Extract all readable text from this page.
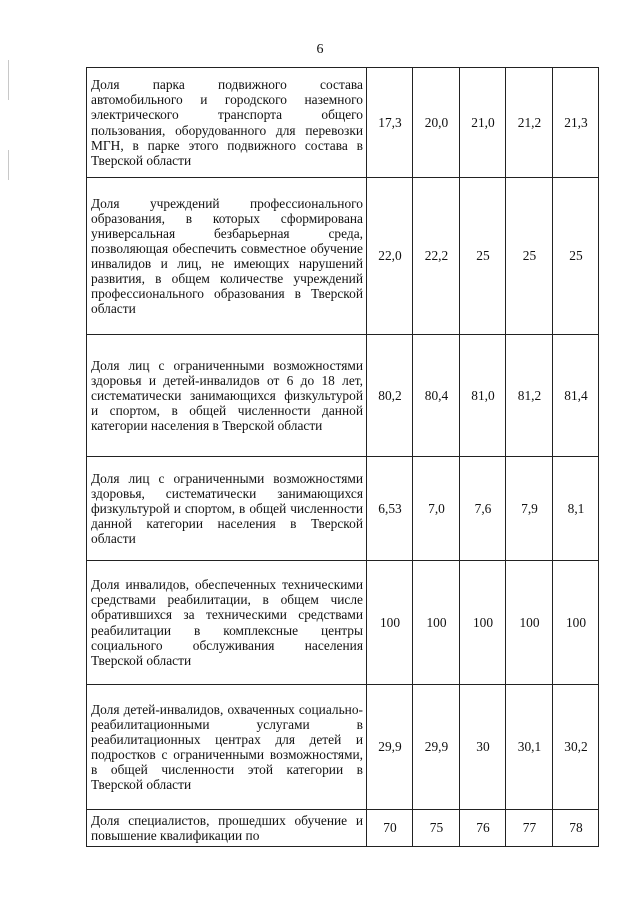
6
Доля парка подвижного состава автомобильного и городского наземного электрического транспорта общего пользования, оборудованного для перевозки МГН, в парке этого подвижного состава в Тверской области	17,3	20,0	21,0	21,2	21,3
Доля учреждений профессионального образования, в которых сформирована универсальная безбарьерная среда, позволяющая обеспечить совместное обучение инвалидов и лиц, не имеющих нарушений развития, в общем количестве учреждений профессионального образования в Тверской области	22,0	22,2	25	25	25
Доля лиц с ограниченными возможностями здоровья и детей-инвалидов от 6 до 18 лет, систематически занимающихся физкультурой и спортом, в общей численности данной категории населения в Тверской области	80,2	80,4	81,0	81,2	81,4
Доля лиц с ограниченными возможностями здоровья, систематически занимающихся физкультурой и спортом, в общей численности данной категории населения в Тверской области	6,53	7,0	7,6	7,9	8,1
Доля инвалидов, обеспеченных техническими средствами реабилитации, в общем числе обратившихся за техническими средствами реабилитации в комплексные центры социального обслуживания населения Тверской области	100	100	100	100	100
Доля детей-инвалидов, охваченных социально-реабилитационными услугами в реабилитационных центрах для детей и подростков с ограниченными возможностями, в общей численности этой категории в Тверской области	29,9	29,9	30	30,1	30,2
Доля специалистов, прошедших обучение и повышение квалификации по	70	75	76	77	78
